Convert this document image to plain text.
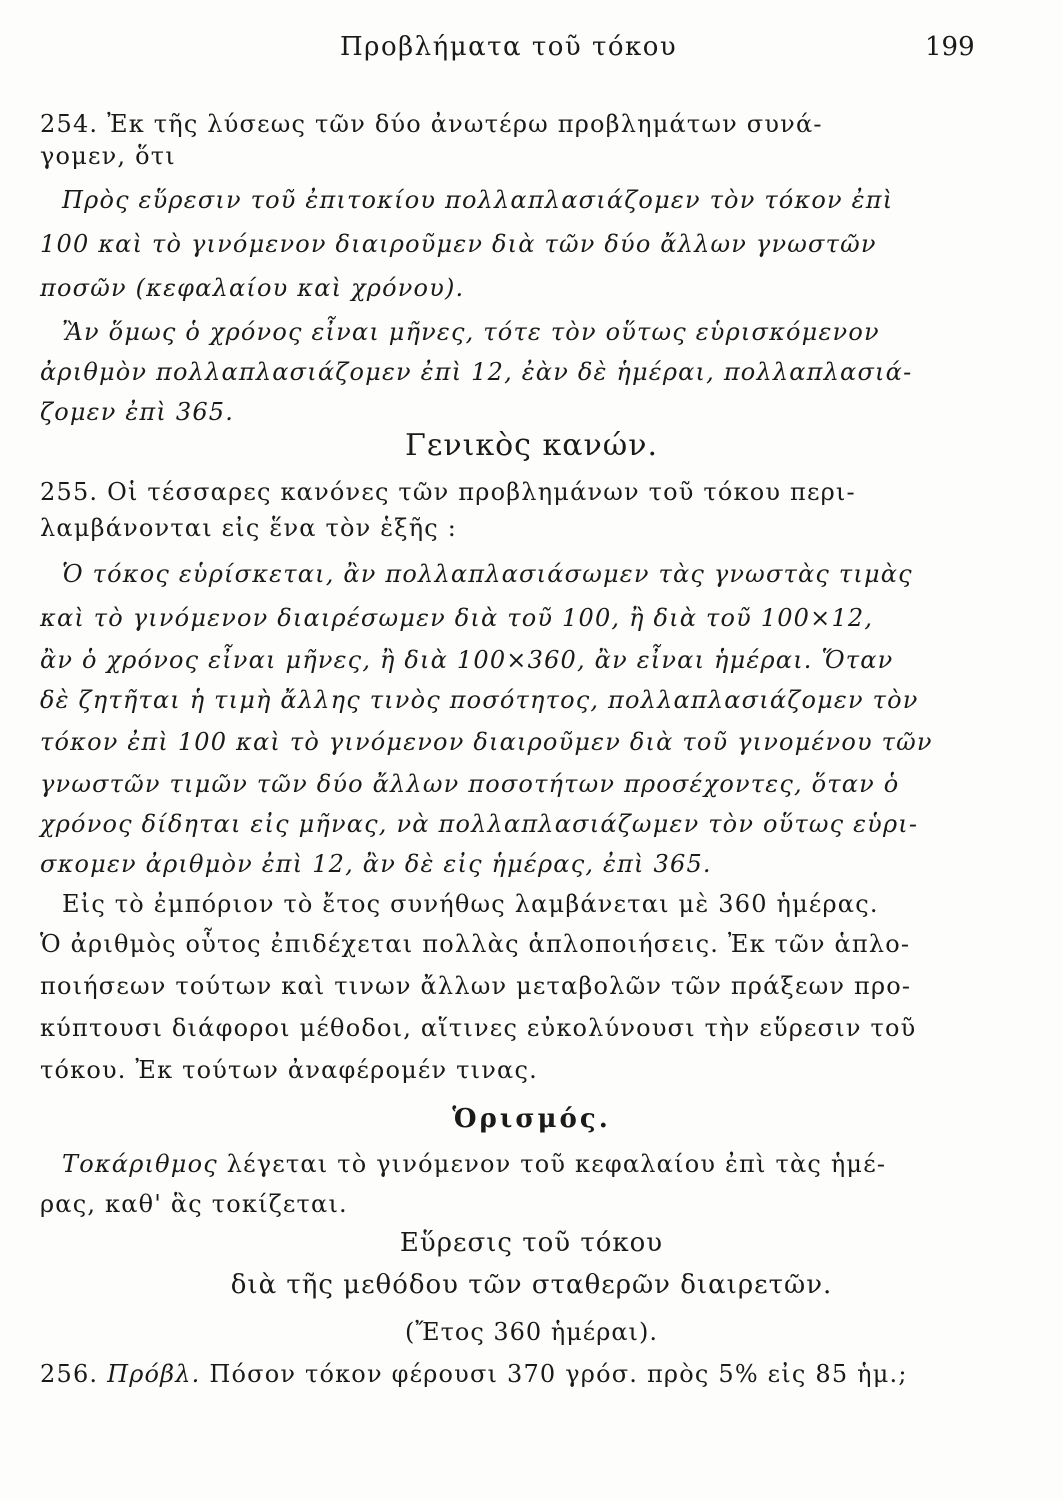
Προβλήματα τοῦ τόκου	199
254. Ἐκ τῆς λύσεως τῶν δύο ἀνωτέρω προβλημάτων συνά-
γομεν, ὅτι
Πρὸς εὕρεσιν τοῦ ἐπιτοκίου πολλαπλασιάζομεν τὸν τόκον ἐπὶ
100 καὶ τὸ γινόμενον διαιροῦμεν διὰ τῶν δύο ἄλλων γνωστῶν
ποσῶν (κεφαλαίου καὶ χρόνου).
Ἂν ὅμως ὁ χρόνος εἶναι μῆνες, τότε τὸν οὕτως εὑρισκόμενον
ἀριθμὸν πολλαπλασιάζομεν ἐπὶ 12, ἐὰν δὲ ἡμέραι, πολλαπλασιά-
ζομεν ἐπὶ 365.
Γενικὸς κανών.
255. Οἱ τέσσαρες κανόνες τῶν προβλημάνων τοῦ τόκου περι-
λαμβάνονται εἰς ἕνα τὸν ἑξῆς :
Ὁ τόκος εὑρίσκεται, ἂν πολλαπλασιάσωμεν τὰς γνωστὰς τιμὰς
καὶ τὸ γινόμενον διαιρέσωμεν διὰ τοῦ 100, ἢ διὰ τοῦ 100×12,
ἂν ὁ χρόνος εἶναι μῆνες, ἢ διὰ 100×360, ἂν εἶναι ἡμέραι. Ὅταν
δὲ ζητῆται ἡ τιμὴ ἄλλης τινὸς ποσότητος, πολλαπλασιάζομεν τὸν
τόκον ἐπὶ 100 καὶ τὸ γινόμενον διαιροῦμεν διὰ τοῦ γινομένου τῶν
γνωστῶν τιμῶν τῶν δύο ἄλλων ποσοτήτων προσέχοντες, ὅταν ὁ
χρόνος δίδηται εἰς μῆνας, νὰ πολλαπλασιάζωμεν τὸν οὕτως εὑρι-
σκομεν ἀριθμὸν ἐπὶ 12, ἂν δὲ εἰς ἡμέρας, ἐπὶ 365.
Εἰς τὸ ἐμπόριον τὸ ἔτος συνήθως λαμβάνεται μὲ 360 ἡμέρας.
Ὁ ἀριθμὸς οὗτος ἐπιδέχεται πολλὰς ἁπλοποιήσεις. Ἐκ τῶν ἁπλο-
ποιήσεων τούτων καὶ τινων ἄλλων μεταβολῶν τῶν πράξεων προ-
κύπτουσι διάφοροι μέθοδοι, αἵτινες εὐκολύνουσι τὴν εὕρεσιν τοῦ
τόκου. Ἐκ τούτων ἀναφέρομέν τινας.
Ὁρισμός.
Τοκάριθμος λέγεται τὸ γινόμενον τοῦ κεφαλαίου ἐπὶ τὰς ἡμέ-
ρας, καθ' ἃς τοκίζεται.
Εὕρεσις τοῦ τόκου
διὰ τῆς μεθόδου τῶν σταθερῶν διαιρετῶν.
(Ἔτος 360 ἡμέραι).
256. Πρόβλ. Πόσον τόκον φέρουσι 370 γρόσ. πρὸς 5% εἰς 85 ἡμ.;
